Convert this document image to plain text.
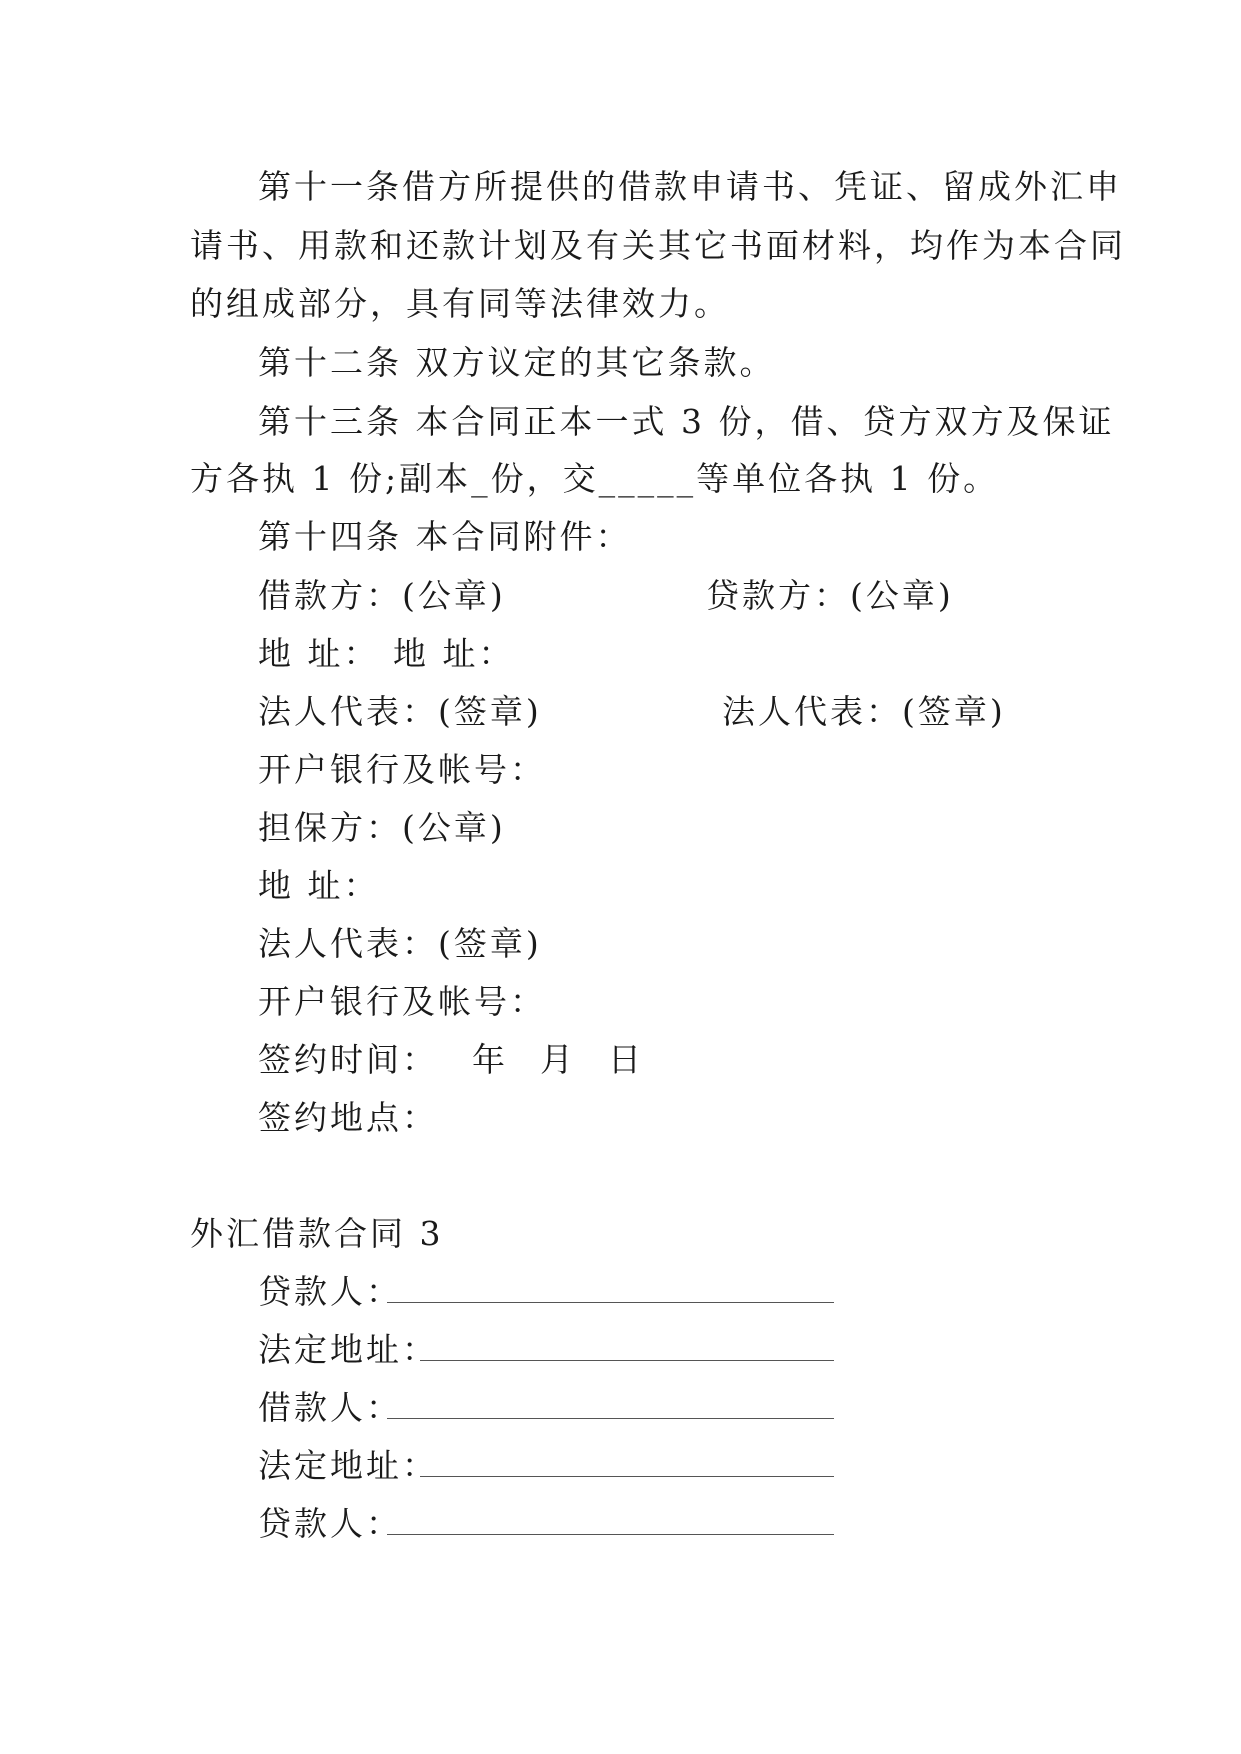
第十一条借方所提供的借款申请书、凭证、留成外汇申
请书、用款和还款计划及有关其它书面材料，均作为本合同
的组成部分，具有同等法律效力。
第十二条 双方议定的其它条款。
第十三条 本合同正本一式 3 份，借、贷方双方及保证
方各执 1 份;副本_份，交_____等单位各执 1 份。
第十四条 本合同附件：
借款方：(公章)	贷款方：(公章)
地 址： 地 址：
法人代表：(签章)	法人代表：(签章)
开户银行及帐号：
担保方：(公章)
地 址：
法人代表：(签章)
开户银行及帐号：
签约时间： 年 月 日
签约地点：
外汇借款合同 3
贷款人：
法定地址：
借款人：
法定地址：
贷款人：
